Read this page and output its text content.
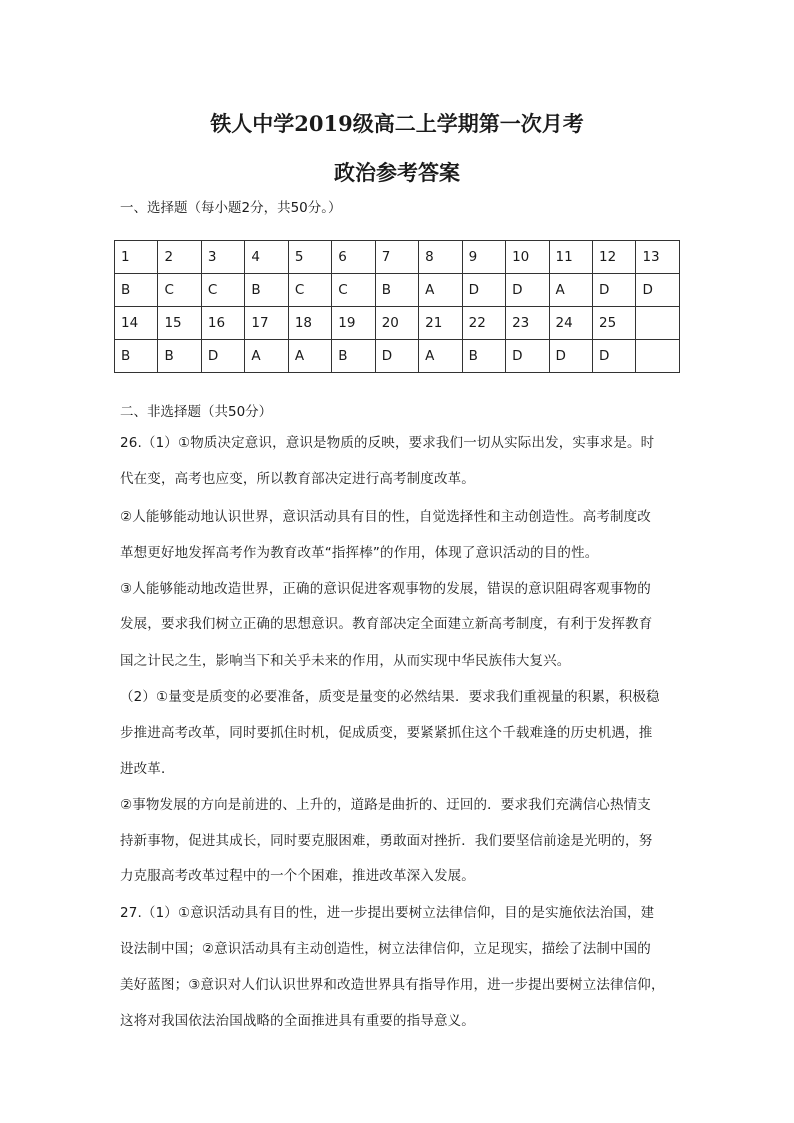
铁人中学2019级高二上学期第一次月考
政治参考答案
一、选择题（每小题2分，共50分。）
1	2	3	4	5	6	7	8	9	10	11	12	13
B	C	C	B	C	C	B	A	D	D	A	D	D
14	15	16	17	18	19	20	21	22	23	24	25	
B	B	D	A	A	B	D	A	B	D	D	D	
二、非选择题（共50分）
26.（1）①物质决定意识，意识是物质的反映，要求我们一切从实际出发，实事求是。时
代在变，高考也应变，所以教育部决定进行高考制度改革。
②人能够能动地认识世界，意识活动具有目的性，自觉选择性和主动创造性。高考制度改
革想更好地发挥高考作为教育改革“指挥棒”的作用，体现了意识活动的目的性。
③人能够能动地改造世界，正确的意识促进客观事物的发展，错误的意识阻碍客观事物的
发展，要求我们树立正确的思想意识。教育部决定全面建立新高考制度，有利于发挥教育
国之计民之生，影响当下和关乎未来的作用，从而实现中华民族伟大复兴。
（2）①量变是质变的必要准备，质变是量变的必然结果．要求我们重视量的积累，积极稳
步推进高考改革，同时要抓住时机，促成质变，要紧紧抓住这个千载难逢的历史机遇，推
进改革．
②事物发展的方向是前进的、上升的，道路是曲折的、迂回的．要求我们充满信心热情支
持新事物，促进其成长，同时要克服困难，勇敢面对挫折．我们要坚信前途是光明的，努
力克服高考改革过程中的一个个困难，推进改革深入发展。
27.（1）①意识活动具有目的性，进一步提出要树立法律信仰，目的是实施依法治国，建
设法制中国；②意识活动具有主动创造性，树立法律信仰，立足现实，描绘了法制中国的
美好蓝图；③意识对人们认识世界和改造世界具有指导作用，进一步提出要树立法律信仰，
这将对我国依法治国战略的全面推进具有重要的指导意义。
